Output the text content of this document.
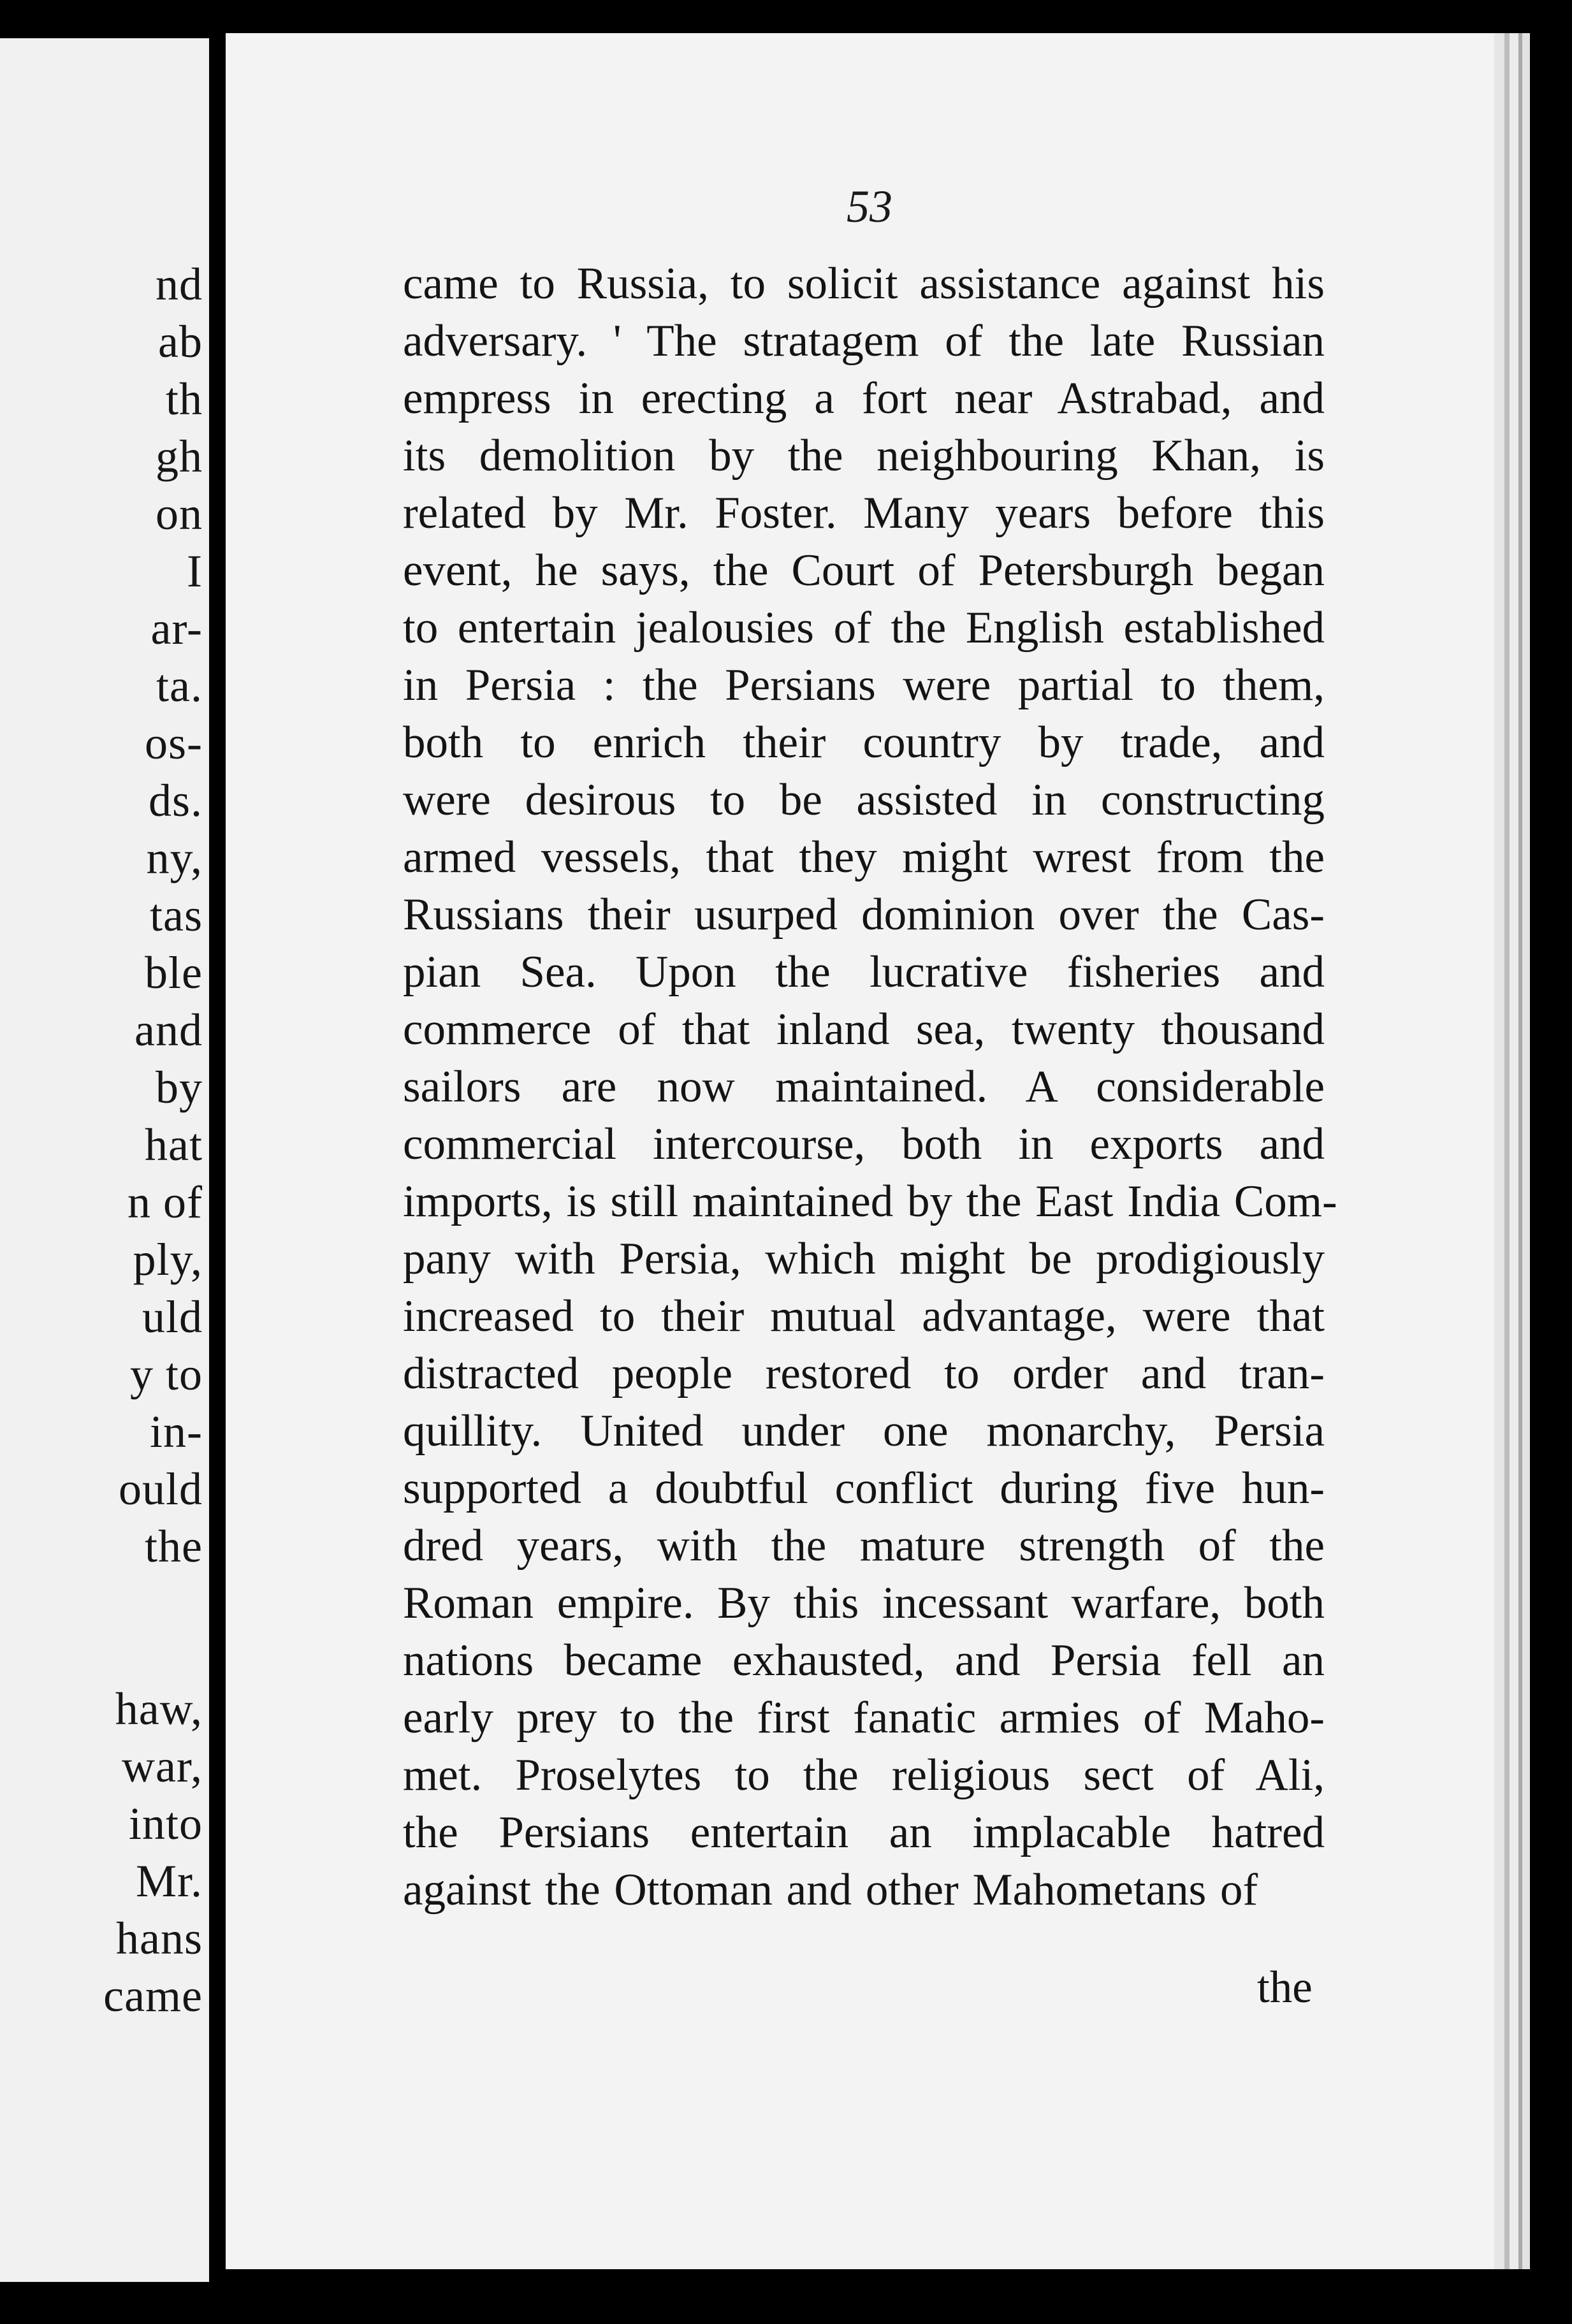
nd

ab

th

gh

on

I

ar-

ta.

os-

ds.

ny,

tas

ble

and

by

hat

n of

ply,

uld

y to

in-

ould

the

haw,

war,

into

Mr.

hans

came

53

came to Russia, to solicit assistance against his

adversary. ' The stratagem of the late Russian

empress in erecting a fort near Astrabad, and

its demolition by the neighbouring Khan, is

related by Mr. Foster. Many years before this

event, he says, the Court of Petersburgh began

to entertain jealousies of the English established

in Persia : the Persians were partial to them,

both to enrich their country by trade, and

were desirous to be assisted in constructing

armed vessels, that they might wrest from the

Russians their usurped dominion over the Cas-

pian Sea. Upon the lucrative fisheries and

commerce of that inland sea, twenty thousand

sailors are now maintained. A considerable

commercial intercourse, both in exports and

imports, is still maintained by the East India Com-

pany with Persia, which might be prodigiously

increased to their mutual advantage, were that

distracted people restored to order and tran-

quillity. United under one monarchy, Persia

supported a doubtful conflict during five hun-

dred years, with the mature strength of the

Roman empire. By this incessant warfare, both

nations became exhausted, and Persia fell an

early prey to the first fanatic armies of Maho-

met. Proselytes to the religious sect of Ali,

the Persians entertain an implacable hatred

against the Ottoman and other Mahometans of

the
